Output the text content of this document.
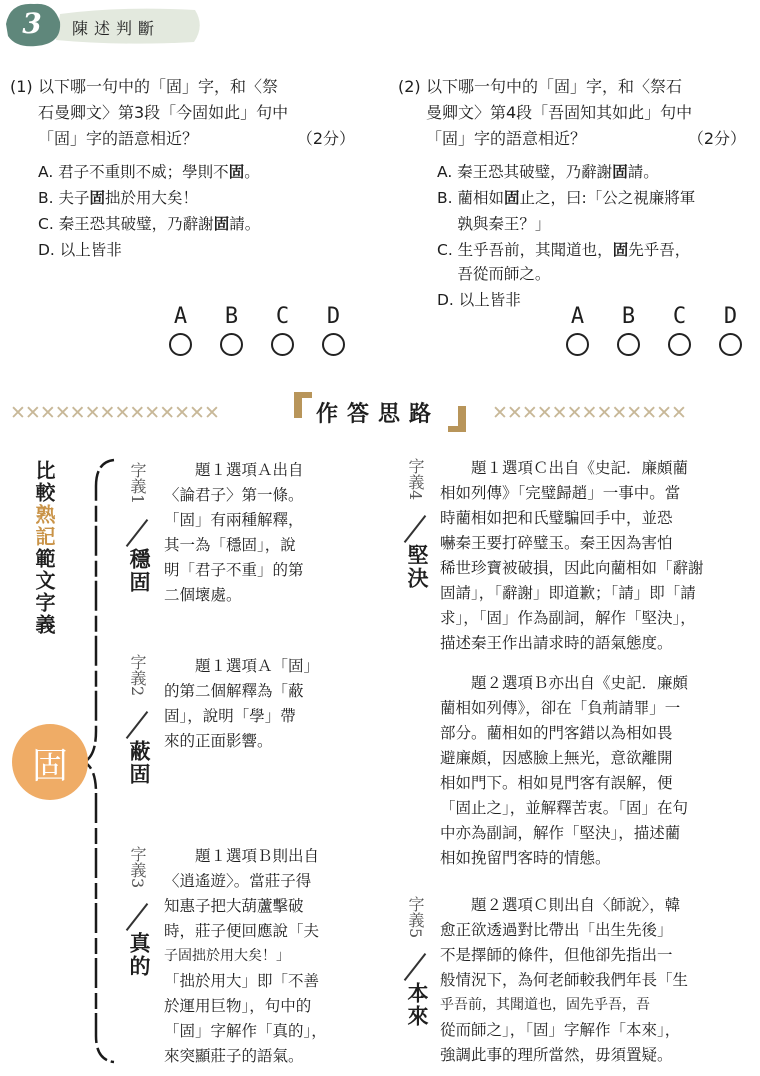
3	陳述判斷
(1) 以下哪一句中的「固」字，和〈祭
石曼卿文〉第3段「今固如此」句中
「固」字的語意相近？	（2分）
A. 君子不重則不威；學則不固。
B. 夫子固拙於用大矣！
C. 秦王恐其破璧，乃辭謝固請。
D. 以上皆非
A	B	C	D
(2) 以下哪一句中的「固」字，和〈祭石
曼卿文〉第4段「吾固知其如此」句中
「固」字的語意相近？	（2分）
A. 秦王恐其破璧，乃辭謝固請。
B. 藺相如固止之，曰:「公之視廉將軍
　 孰與秦王？」
C. 生乎吾前，其聞道也，固先乎吾，
　 吾從而師之。
D. 以上皆非
A	B	C	D
✕✕✕✕✕✕✕✕✕✕✕✕✕✕	✕✕✕✕✕✕✕✕✕✕✕✕✕
作答思路
比較熟記範文字義
固
字義1
穩固
　　題１選項Ａ出自
〈論君子〉第一條。
「固」有兩種解釋，
其一為「穩固」，說
明「君子不重」的第
二個壞處。
字義2
蔽固
　　題１選項Ａ「固」
的第二個解釋為「蔽
固」，說明「學」帶
來的正面影響。
字義3
真的
　　題１選項Ｂ則出自
〈逍遙遊〉。當莊子得
知惠子把大葫蘆擊破
時，莊子便回應說「夫
子固拙於用大矣！」
「拙於用大」即「不善
於運用巨物」，句中的
「固」字解作「真的」，
來突顯莊子的語氣。
字義4
堅決
　　題１選項Ｃ出自《史記．廉頗藺
相如列傳》「完璧歸趙」一事中。當
時藺相如把和氏璧騙回手中，並恐
嚇秦王要打碎璧玉。秦王因為害怕
稀世珍寶被破損，因此向藺相如「辭謝
固請」，「辭謝」即道歉；「請」即「請
求」，「固」作為副詞，解作「堅決」，
描述秦王作出請求時的語氣態度。
　　題２選項Ｂ亦出自《史記．廉頗
藺相如列傳》，卻在「負荊請罪」一
部分。藺相如的門客錯以為相如畏
避廉頗，因感臉上無光，意欲離開
相如門下。相如見門客有誤解，便
「固止之」，並解釋苦衷。「固」在句
中亦為副詞，解作「堅決」，描述藺
相如挽留門客時的情態。
字義5
本來
　　題２選項Ｃ則出自〈師說〉，韓
愈正欲透過對比帶出「出生先後」
不是擇師的條件，但他卻先指出一
般情況下，為何老師較我們年長「生
乎吾前，其聞道也，固先乎吾，吾
從而師之」，「固」字解作「本來」，
強調此事的理所當然，毋須置疑。
